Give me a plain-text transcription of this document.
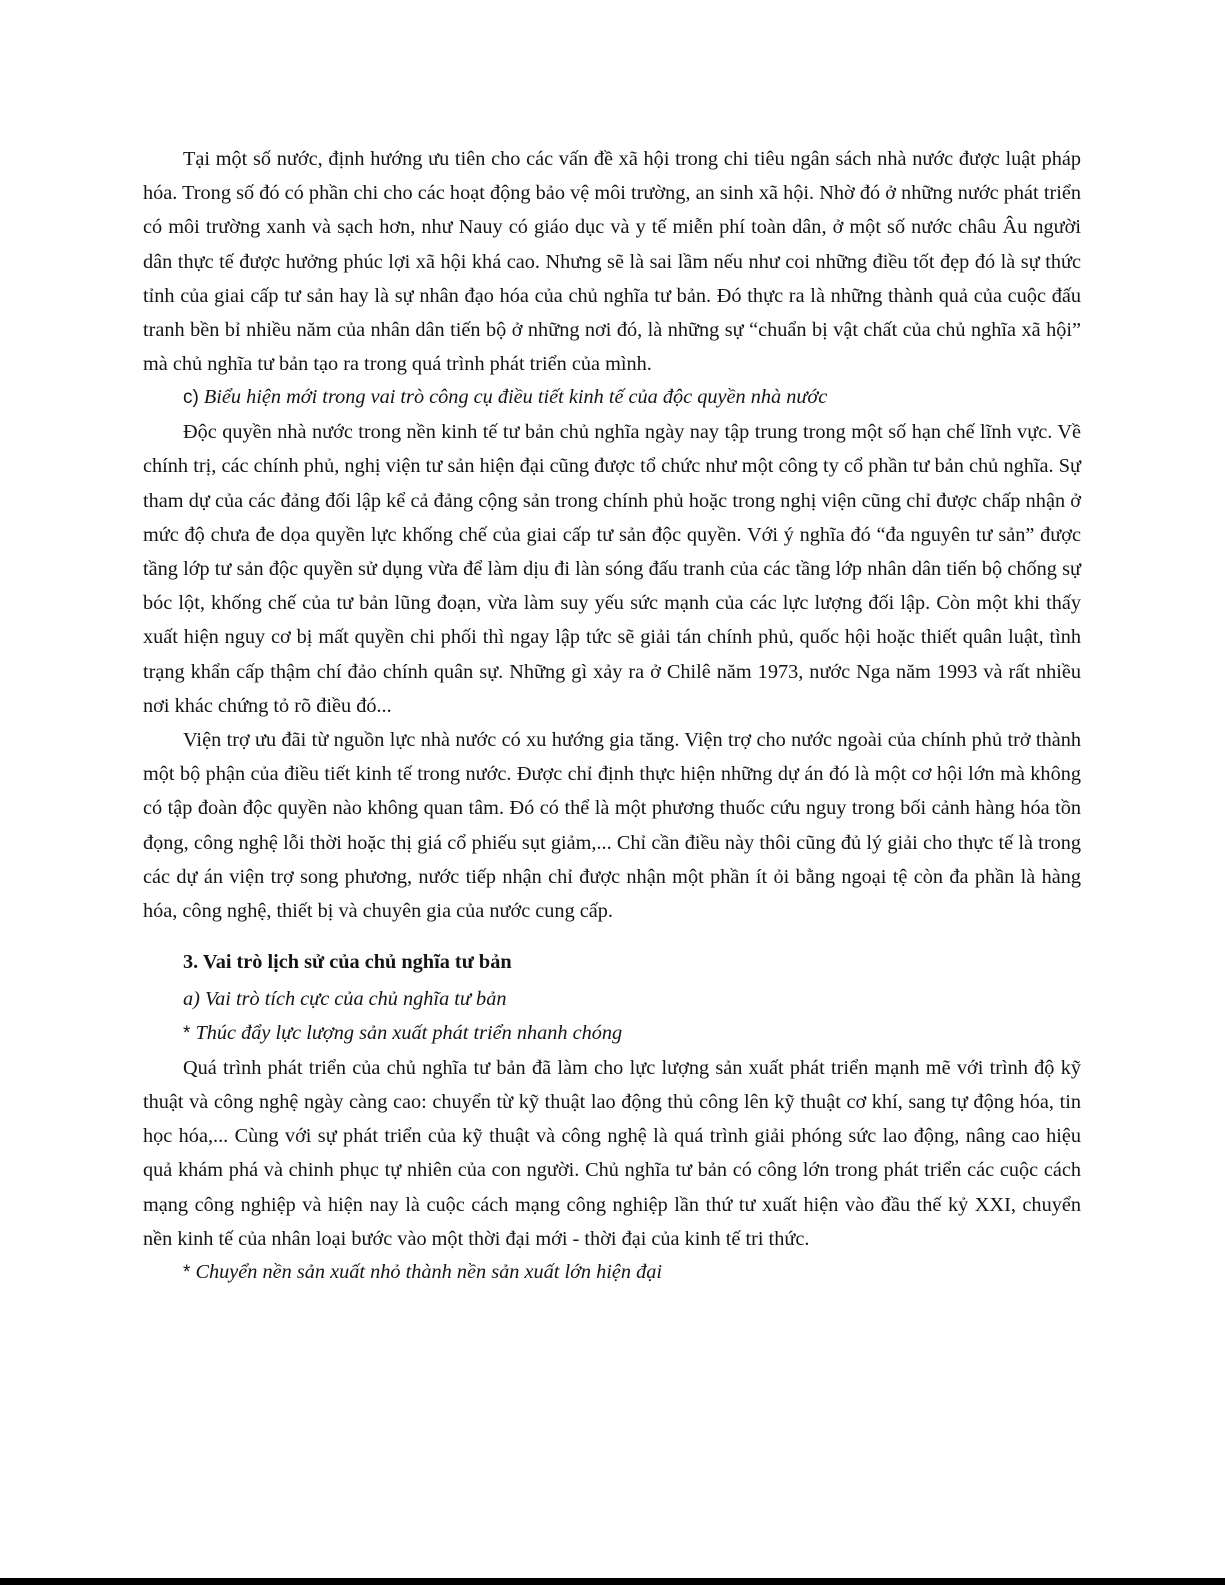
Tại một số nước, định hướng ưu tiên cho các vấn đề xã hội trong chi tiêu ngân sách nhà nước được luật pháp hóa. Trong số đó có phần chi cho các hoạt động bảo vệ môi trường, an sinh xã hội. Nhờ đó ở những nước phát triển có môi trường xanh và sạch hơn, như Nauy có giáo dục và y tế miễn phí toàn dân, ở một số nước châu Âu người dân thực tế được hưởng phúc lợi xã hội khá cao. Nhưng sẽ là sai lầm nếu như coi những điều tốt đẹp đó là sự thức tỉnh của giai cấp tư sản hay là sự nhân đạo hóa của chủ nghĩa tư bản. Đó thực ra là những thành quả của cuộc đấu tranh bền bỉ nhiều năm của nhân dân tiến bộ ở những nơi đó, là những sự “chuẩn bị vật chất của chủ nghĩa xã hội” mà chủ nghĩa tư bản tạo ra trong quá trình phát triển của mình.

c) Biểu hiện mới trong vai trò công cụ điều tiết kinh tế của độc quyền nhà nước

Độc quyền nhà nước trong nền kinh tế tư bản chủ nghĩa ngày nay tập trung trong một số hạn chế lĩnh vực. Về chính trị, các chính phủ, nghị viện tư sản hiện đại cũng được tổ chức như một công ty cổ phần tư bản chủ nghĩa. Sự tham dự của các đảng đối lập kể cả đảng cộng sản trong chính phủ hoặc trong nghị viện cũng chỉ được chấp nhận ở mức độ chưa đe dọa quyền lực khống chế của giai cấp tư sản độc quyền. Với ý nghĩa đó “đa nguyên tư sản” được tầng lớp tư sản độc quyền sử dụng vừa để làm dịu đi làn sóng đấu tranh của các tầng lớp nhân dân tiến bộ chống sự bóc lột, khống chế của tư bản lũng đoạn, vừa làm suy yếu sức mạnh của các lực lượng đối lập. Còn một khi thấy xuất hiện nguy cơ bị mất quyền chi phối thì ngay lập tức sẽ giải tán chính phủ, quốc hội hoặc thiết quân luật, tình trạng khẩn cấp thậm chí đảo chính quân sự. Những gì xảy ra ở Chilê năm 1973, nước Nga năm 1993 và rất nhiều nơi khác chứng tỏ rõ điều đó...

Viện trợ ưu đãi từ nguồn lực nhà nước có xu hướng gia tăng. Viện trợ cho nước ngoài của chính phủ trở thành một bộ phận của điều tiết kinh tế trong nước. Được chỉ định thực hiện những dự án đó là một cơ hội lớn mà không có tập đoàn độc quyền nào không quan tâm. Đó có thể là một phương thuốc cứu nguy trong bối cảnh hàng hóa tồn đọng, công nghệ lỗi thời hoặc thị giá cổ phiếu sụt giảm,... Chỉ cần điều này thôi cũng đủ lý giải cho thực tế là trong các dự án viện trợ song phương, nước tiếp nhận chỉ được nhận một phần ít ỏi bằng ngoại tệ còn đa phần là hàng hóa, công nghệ, thiết bị và chuyên gia của nước cung cấp.

3. Vai trò lịch sử của chủ nghĩa tư bản

a) Vai trò tích cực của chủ nghĩa tư bản

* Thúc đẩy lực lượng sản xuất phát triển nhanh chóng

Quá trình phát triển của chủ nghĩa tư bản đã làm cho lực lượng sản xuất phát triển mạnh mẽ với trình độ kỹ thuật và công nghệ ngày càng cao: chuyển từ kỹ thuật lao động thủ công lên kỹ thuật cơ khí, sang tự động hóa, tin học hóa,... Cùng với sự phát triển của kỹ thuật và công nghệ là quá trình giải phóng sức lao động, nâng cao hiệu quả khám phá và chinh phục tự nhiên của con người. Chủ nghĩa tư bản có công lớn trong phát triển các cuộc cách mạng công nghiệp và hiện nay là cuộc cách mạng công nghiệp lần thứ tư xuất hiện vào đầu thế kỷ XXI, chuyển nền kinh tế của nhân loại bước vào một thời đại mới - thời đại của kinh tế tri thức.

* Chuyển nền sản xuất nhỏ thành nền sản xuất lớn hiện đại
